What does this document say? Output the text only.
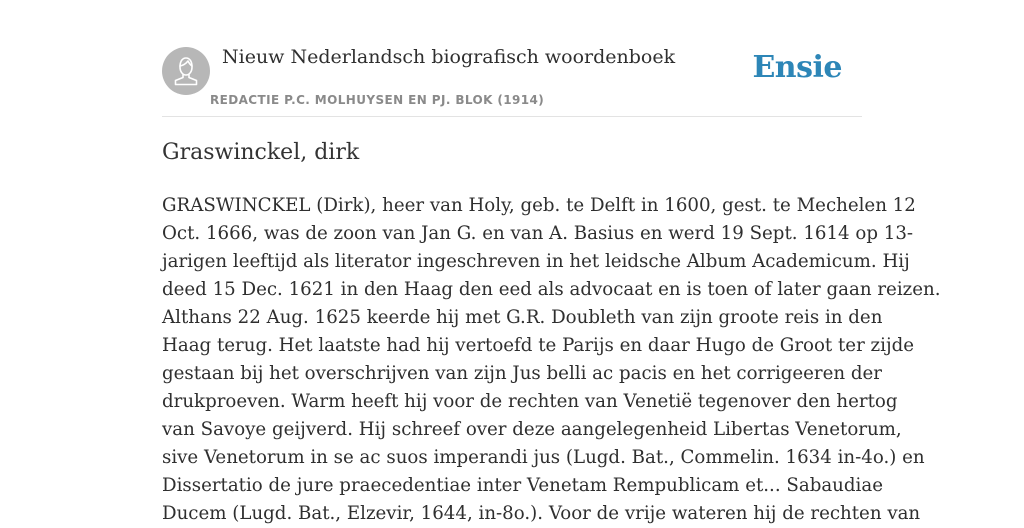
Nieuw Nederlandsch biografisch woordenboek
REDACTIE P.C. MOLHUYSEN EN PJ. BLOK (1914)
Ensie
Graswinckel, dirk
GRASWINCKEL (Dirk), heer van Holy, geb. te Delft in 1600, gest. te Mechelen 12
Oct. 1666, was de zoon van Jan G. en van A. Basius en werd 19 Sept. 1614 op 13-
jarigen leeftijd als literator ingeschreven in het leidsche Album Academicum. Hij
deed 15 Dec. 1621 in den Haag den eed als advocaat en is toen of later gaan reizen.
Althans 22 Aug. 1625 keerde hij met G.R. Doubleth van zijn groote reis in den
Haag terug. Het laatste had hij vertoefd te Parijs en daar Hugo de Groot ter zijde
gestaan bij het overschrijven van zijn Jus belli ac pacis en het corrigeeren der
drukproeven. Warm heeft hij voor de rechten van Venetië tegenover den hertog
van Savoye geijverd. Hij schreef over deze aangelegenheid Libertas Venetorum,
sive Venetorum in se ac suos imperandi jus (Lugd. Bat., Commelin. 1634 in-4o.) en
Dissertatio de jure praecedentiae inter Venetam Rempublicam et... Sabaudiae
Ducem (Lugd. Bat., Elzevir, 1644, in-8o.). Voor de vrije wateren hij de rechten van
